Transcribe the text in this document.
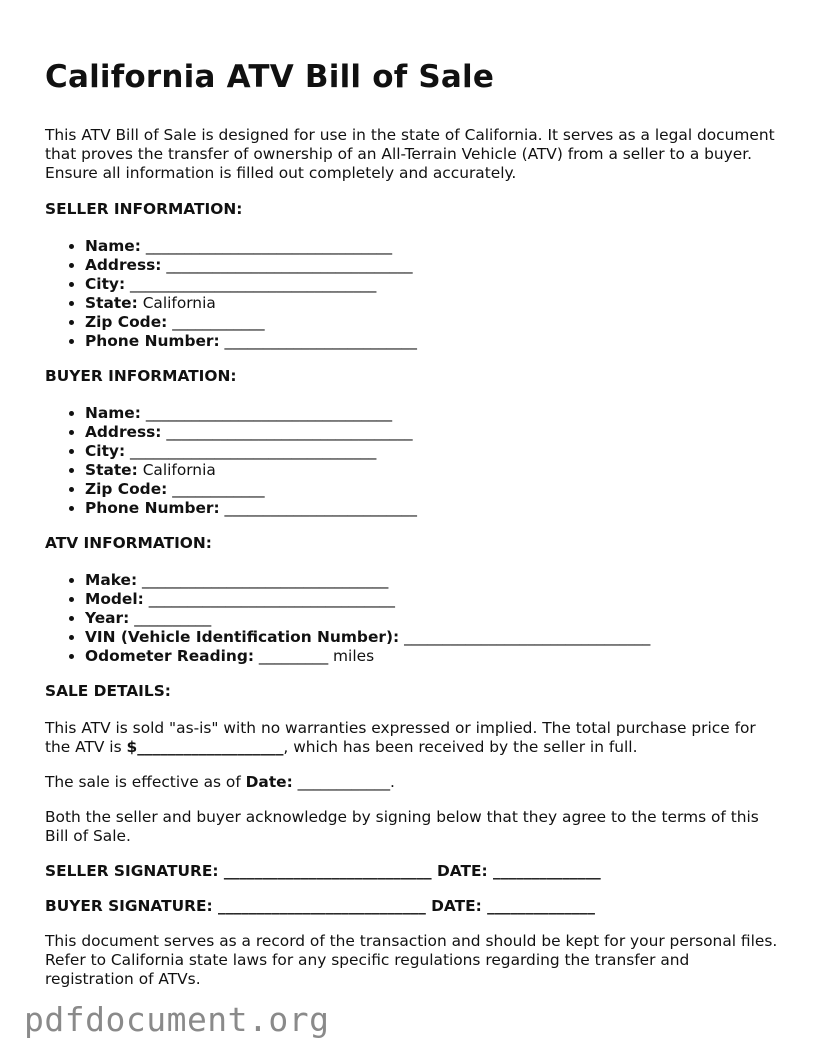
California ATV Bill of Sale

This ATV Bill of Sale is designed for use in the state of California. It serves as a legal document that proves the transfer of ownership of an All-Terrain Vehicle (ATV) from a seller to a buyer. Ensure all information is filled out completely and accurately.

SELLER INFORMATION:
• Name: ________________________________
• Address: ________________________________
• City: ________________________________
• State: California
• Zip Code: ____________
• Phone Number: _________________________
BUYER INFORMATION:
• Name: ________________________________
• Address: ________________________________
• City: ________________________________
• State: California
• Zip Code: ____________
• Phone Number: _________________________
ATV INFORMATION:
• Make: ________________________________
• Model: ________________________________
• Year: __________
• VIN (Vehicle Identification Number): ________________________________
• Odometer Reading: _________ miles
SALE DETAILS:

This ATV is sold "as-is" with no warranties expressed or implied. The total purchase price for the ATV is $___________________, which has been received by the seller in full.

The sale is effective as of Date: ____________.

Both the seller and buyer acknowledge by signing below that they agree to the terms of this Bill of Sale.

SELLER SIGNATURE: ___________________________ DATE: ______________

BUYER SIGNATURE: ___________________________ DATE: ______________

This document serves as a record of the transaction and should be kept for your personal files. Refer to California state laws for any specific regulations regarding the transfer and registration of ATVs.

pdfdocument.org
